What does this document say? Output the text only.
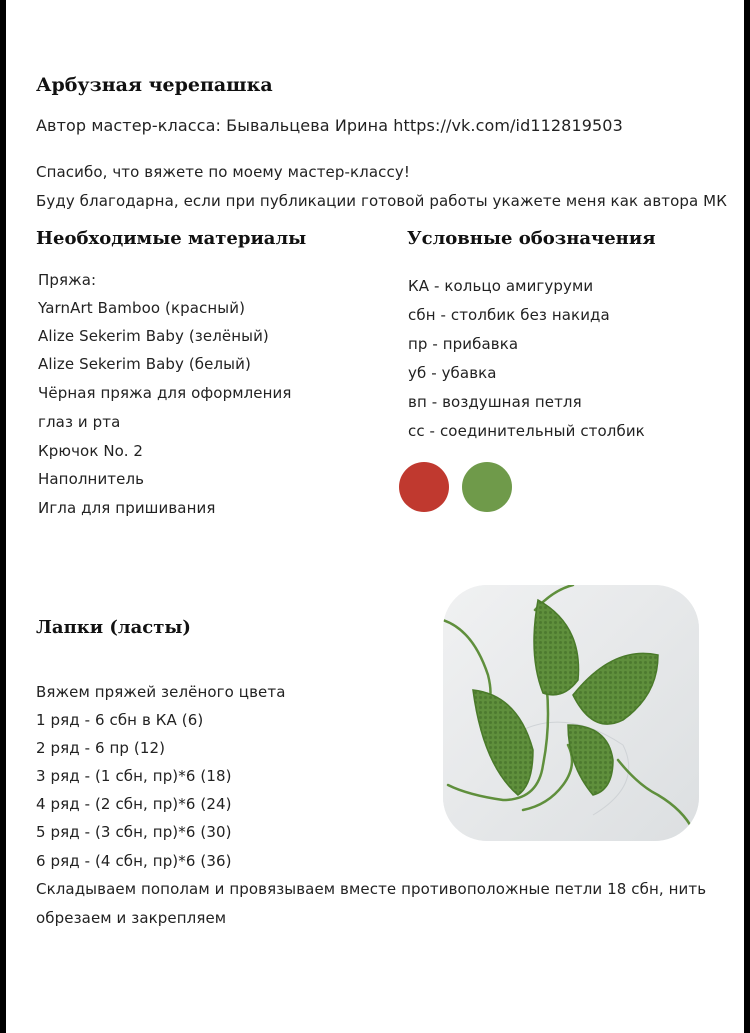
Арбузная черепашка

Автор мастер-класса: Бывальцева Ирина https://vk.com/id112819503

Спасибо, что вяжете по моему мастер-классу!

Буду благодарна, если при публикации готовой работы укажете меня как автора МК

Необходимые материалы

Пряжа:

YarnArt Bamboo (красный)

Alize Sekerim Baby (зелёный)

Alize Sekerim Baby (белый)

Чёрная пряжа для оформления

глаз и рта

Крючок No. 2

Наполнитель

Игла для пришивания

Условные обозначения

КА - кольцо амигуруми

сбн - столбик без накида

пр - прибавка

уб - убавка

вп - воздушная петля

сс - соединительный столбик

Лапки (ласты)

Вяжем пряжей зелёного цвета

1 ряд - 6 сбн в КА (6)

2 ряд - 6 пр (12)

3 ряд - (1 сбн, пр)*6 (18)

4 ряд - (2 сбн, пр)*6 (24)

5 ряд - (3 сбн, пр)*6 (30)

6 ряд - (4 сбн, пр)*6 (36)

Складываем пополам и провязываем вместе противоположные петли 18 сбн, нить

обрезаем и закрепляем
